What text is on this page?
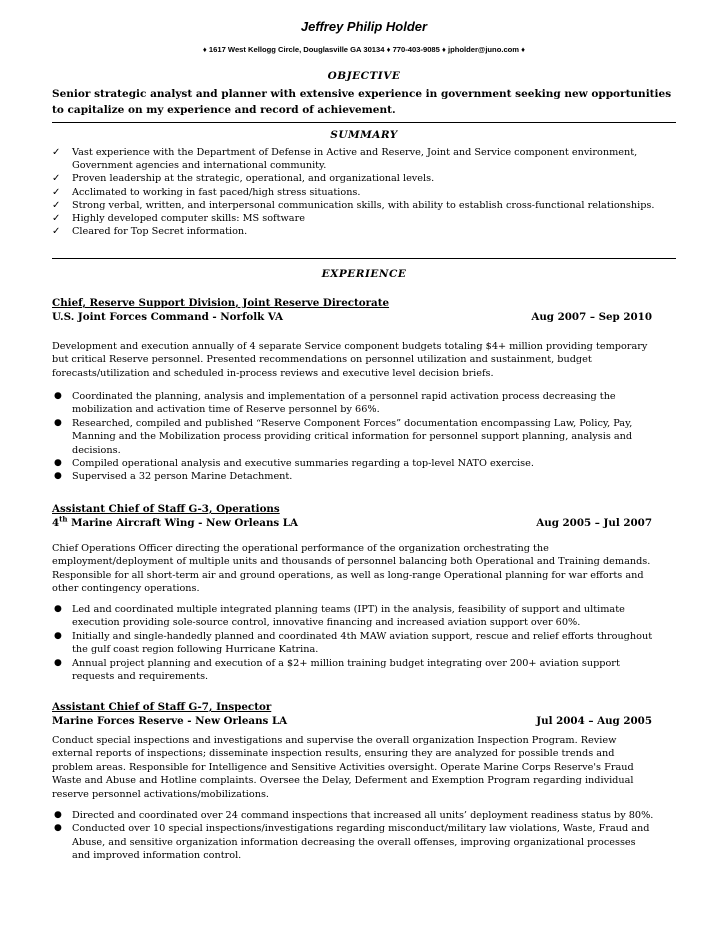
Jeffrey Philip Holder
♦ 1617 West Kellogg Circle, Douglasville GA 30134 ♦ 770-403-9085 ♦ jpholder@juno.com ♦
OBJECTIVE
Senior strategic analyst and planner with extensive experience in government seeking new opportunities to capitalize on my experience and record of achievement.
SUMMARY
✓ Vast experience with the Department of Defense in Active and Reserve, Joint and Service component environment, Government agencies and international community.
✓ Proven leadership at the strategic, operational, and organizational levels.
✓ Acclimated to working in fast paced/high stress situations.
✓ Strong verbal, written, and interpersonal communication skills, with ability to establish cross-functional relationships.
✓ Highly developed computer skills: MS software
✓ Cleared for Top Secret information.
EXPERIENCE
Chief, Reserve Support Division, Joint Reserve Directorate
U.S. Joint Forces Command - Norfolk VA	Aug 2007 – Sep 2010
Development and execution annually of 4 separate Service component budgets totaling $4+ million providing temporary but critical Reserve personnel. Presented recommendations on personnel utilization and sustainment, budget forecasts/utilization and scheduled in-process reviews and executive level decision briefs.
● Coordinated the planning, analysis and implementation of a personnel rapid activation process decreasing the mobilization and activation time of Reserve personnel by 66%.
● Researched, compiled and published “Reserve Component Forces” documentation encompassing Law, Policy, Pay, Manning and the Mobilization process providing critical information for personnel support planning, analysis and decisions.
● Compiled operational analysis and executive summaries regarding a top-level NATO exercise.
● Supervised a 32 person Marine Detachment.
Assistant Chief of Staff G-3, Operations
4th Marine Aircraft Wing - New Orleans LA	Aug 2005 – Jul 2007
Chief Operations Officer directing the operational performance of the organization orchestrating the employment/deployment of multiple units and thousands of personnel balancing both Operational and Training demands. Responsible for all short-term air and ground operations, as well as long-range Operational planning for war efforts and other contingency operations.
● Led and coordinated multiple integrated planning teams (IPT) in the analysis, feasibility of support and ultimate execution providing sole-source control, innovative financing and increased aviation support over 60%.
● Initially and single-handedly planned and coordinated 4th MAW aviation support, rescue and relief efforts throughout the gulf coast region following Hurricane Katrina.
● Annual project planning and execution of a $2+ million training budget integrating over 200+ aviation support requests and requirements.
Assistant Chief of Staff G-7, Inspector
Marine Forces Reserve - New Orleans LA	Jul 2004 – Aug 2005
Conduct special inspections and investigations and supervise the overall organization Inspection Program. Review external reports of inspections; disseminate inspection results, ensuring they are analyzed for possible trends and problem areas. Responsible for Intelligence and Sensitive Activities oversight. Operate Marine Corps Reserve's Fraud Waste and Abuse and Hotline complaints. Oversee the Delay, Deferment and Exemption Program regarding individual reserve personnel activations/mobilizations.
● Directed and coordinated over 24 command inspections that increased all units’ deployment readiness status by 80%.
● Conducted over 10 special inspections/investigations regarding misconduct/military law violations, Waste, Fraud and Abuse, and sensitive organization information decreasing the overall offenses, improving organizational processes and improved information control.
